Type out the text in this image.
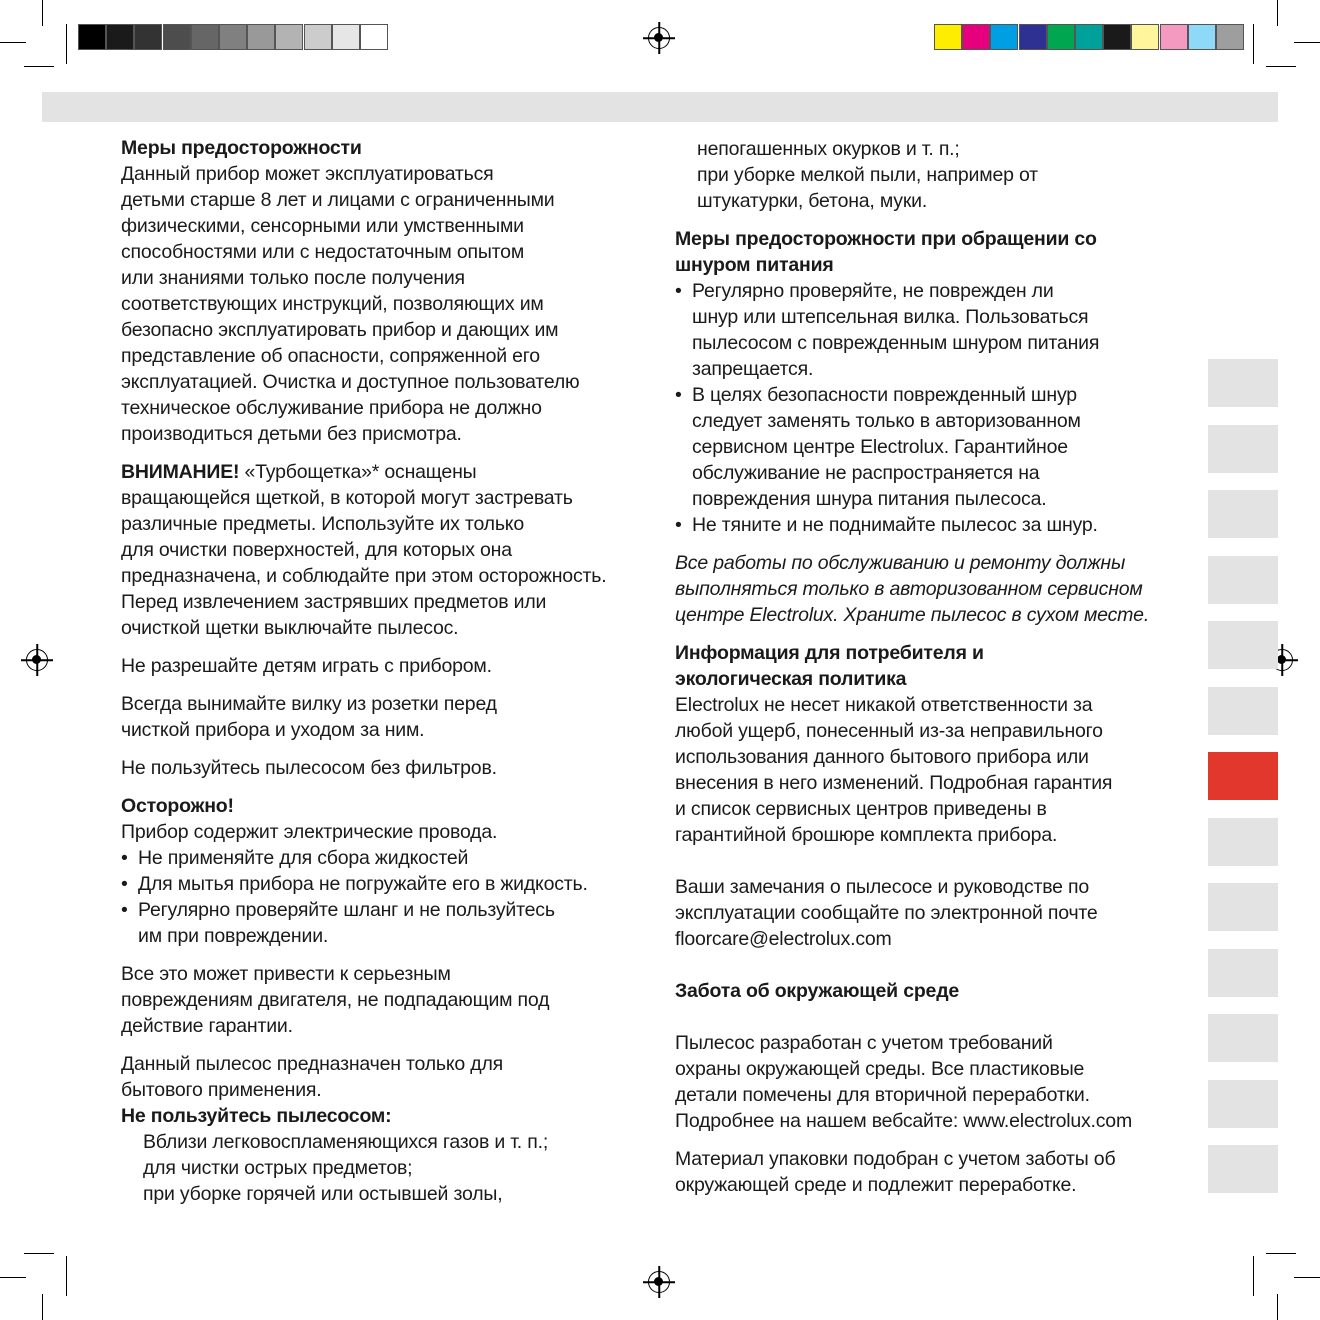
Меры предосторожности

Данный прибор может эксплуатироваться

детьми старше 8 лет и лицами с ограниченными

физическими, сенсорными или умственными

способностями или с недостаточным опытом

или знаниями только после получения

соответствующих инструкций, позволяющих им

безопасно эксплуатировать прибор и дающих им

представление об опасности, сопряженной его

эксплуатацией. Очистка и доступное пользователю

техническое обслуживание прибора не должно

производиться детьми без присмотра.

ВНИМАНИЕ! «Турбощетка»* оснащены

вращающейся щеткой, в которой могут застревать

различные предметы. Используйте их только

для очистки поверхностей, для которых она

предназначена, и соблюдайте при этом осторожность.

Перед извлечением застрявших предметов или

очисткой щетки выключайте пылесос.

Не разрешайте детям играть с прибором.

Всегда вынимайте вилку из розетки перед

чисткой прибора и уходом за ним.

Не пользуйтесь пылесосом без фильтров.

Осторожно!

Прибор содержит электрические провода.

• Не применяйте для сбора жидкостей

• Для мытья прибора не погружайте его в жидкость.

• Регулярно проверяйте шланг и не пользуйтесь

им при повреждении.

Все это может привести к серьезным

повреждениям двигателя, не подпадающим под

действие гарантии.

Данный пылесос предназначен только для

бытового применения.

Не пользуйтесь пылесосом:

Вблизи легковоспламеняющихся газов и т. п.;

для чистки острых предметов;

при уборке горячей или остывшей золы,

непогашенных окурков и т. п.;

при уборке мелкой пыли, например от

штукатурки, бетона, муки.

Меры предосторожности при обращении со

шнуром питания

• Регулярно проверяйте, не поврежден ли

шнур или штепсельная вилка. Пользоваться

пылесосом с поврежденным шнуром питания

запрещается.

• В целях безопасности поврежденный шнур

следует заменять только в авторизованном

сервисном центре Electrolux. Гарантийное

обслуживание не распространяется на

повреждения шнура питания пылесоса.

• Не тяните и не поднимайте пылесос за шнур.

Все работы по обслуживанию и ремонту должны

выполняться только в авторизованном сервисном

центре Electrolux. Храните пылесос в сухом месте.

Информация для потребителя и

экологическая политика

Electrolux не несет никакой ответственности за

любой ущерб, понесенный из-за неправильного

использования данного бытового прибора или

внесения в него изменений. Подробная гарантия

и список сервисных центров приведены в

гарантийной брошюре комплекта прибора.

Ваши замечания о пылесосе и руководстве по

эксплуатации сообщайте по электронной почте

floorcare@electrolux.com

Забота об окружающей среде

Пылесос разработан с учетом требований

охраны окружающей среды. Все пластиковые

детали помечены для вторичной переработки.

Подробнее на нашем вебсайте: www.electrolux.com

Материал упаковки подобран с учетом заботы об

окружающей среде и подлежит переработке.
